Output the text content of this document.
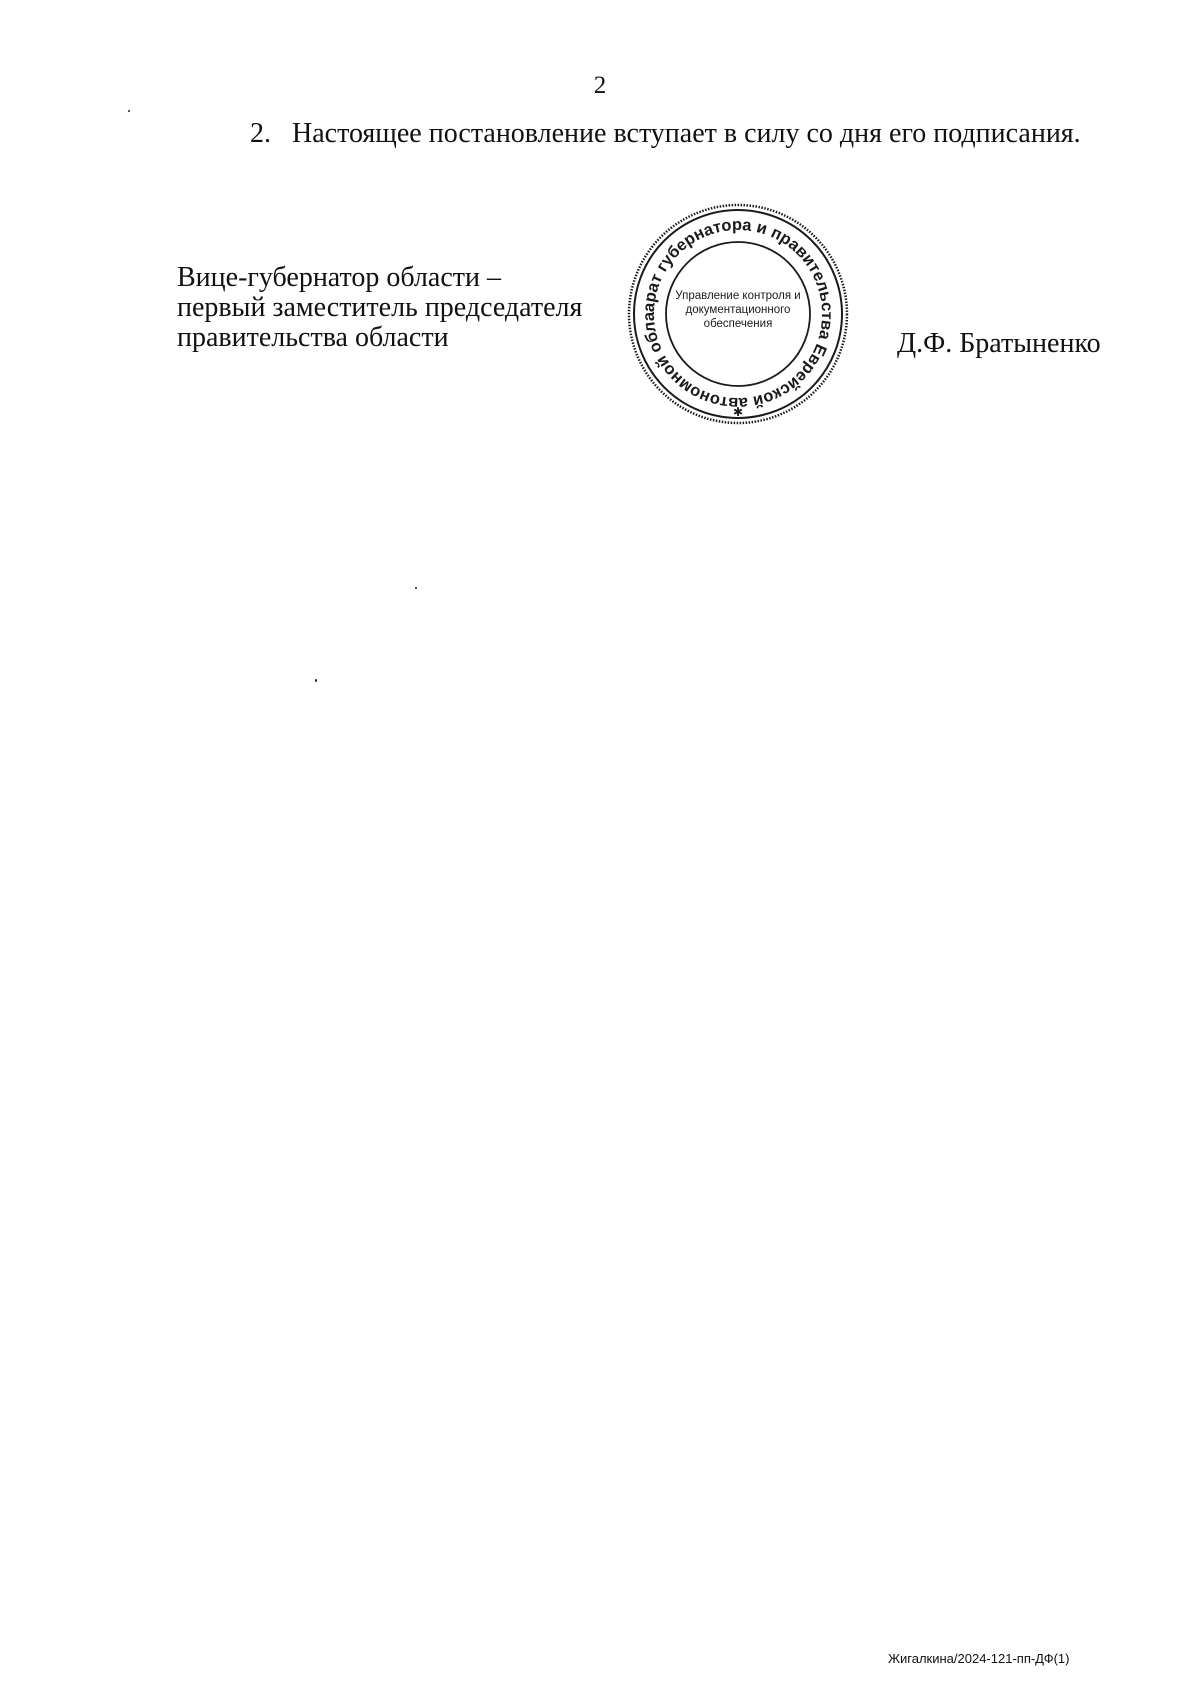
2
2. Настоящее постановление вступает в силу со дня его подписания.
Вице-губернатор области –
первый заместитель председателя
правительства области
арат губернатора и правительства Еврейской автономной обла
Управление контроля и
документационного
обеспечения
✱
Д.Ф. Братыненко
Жигалкина/2024-121-пп-ДФ(1)
